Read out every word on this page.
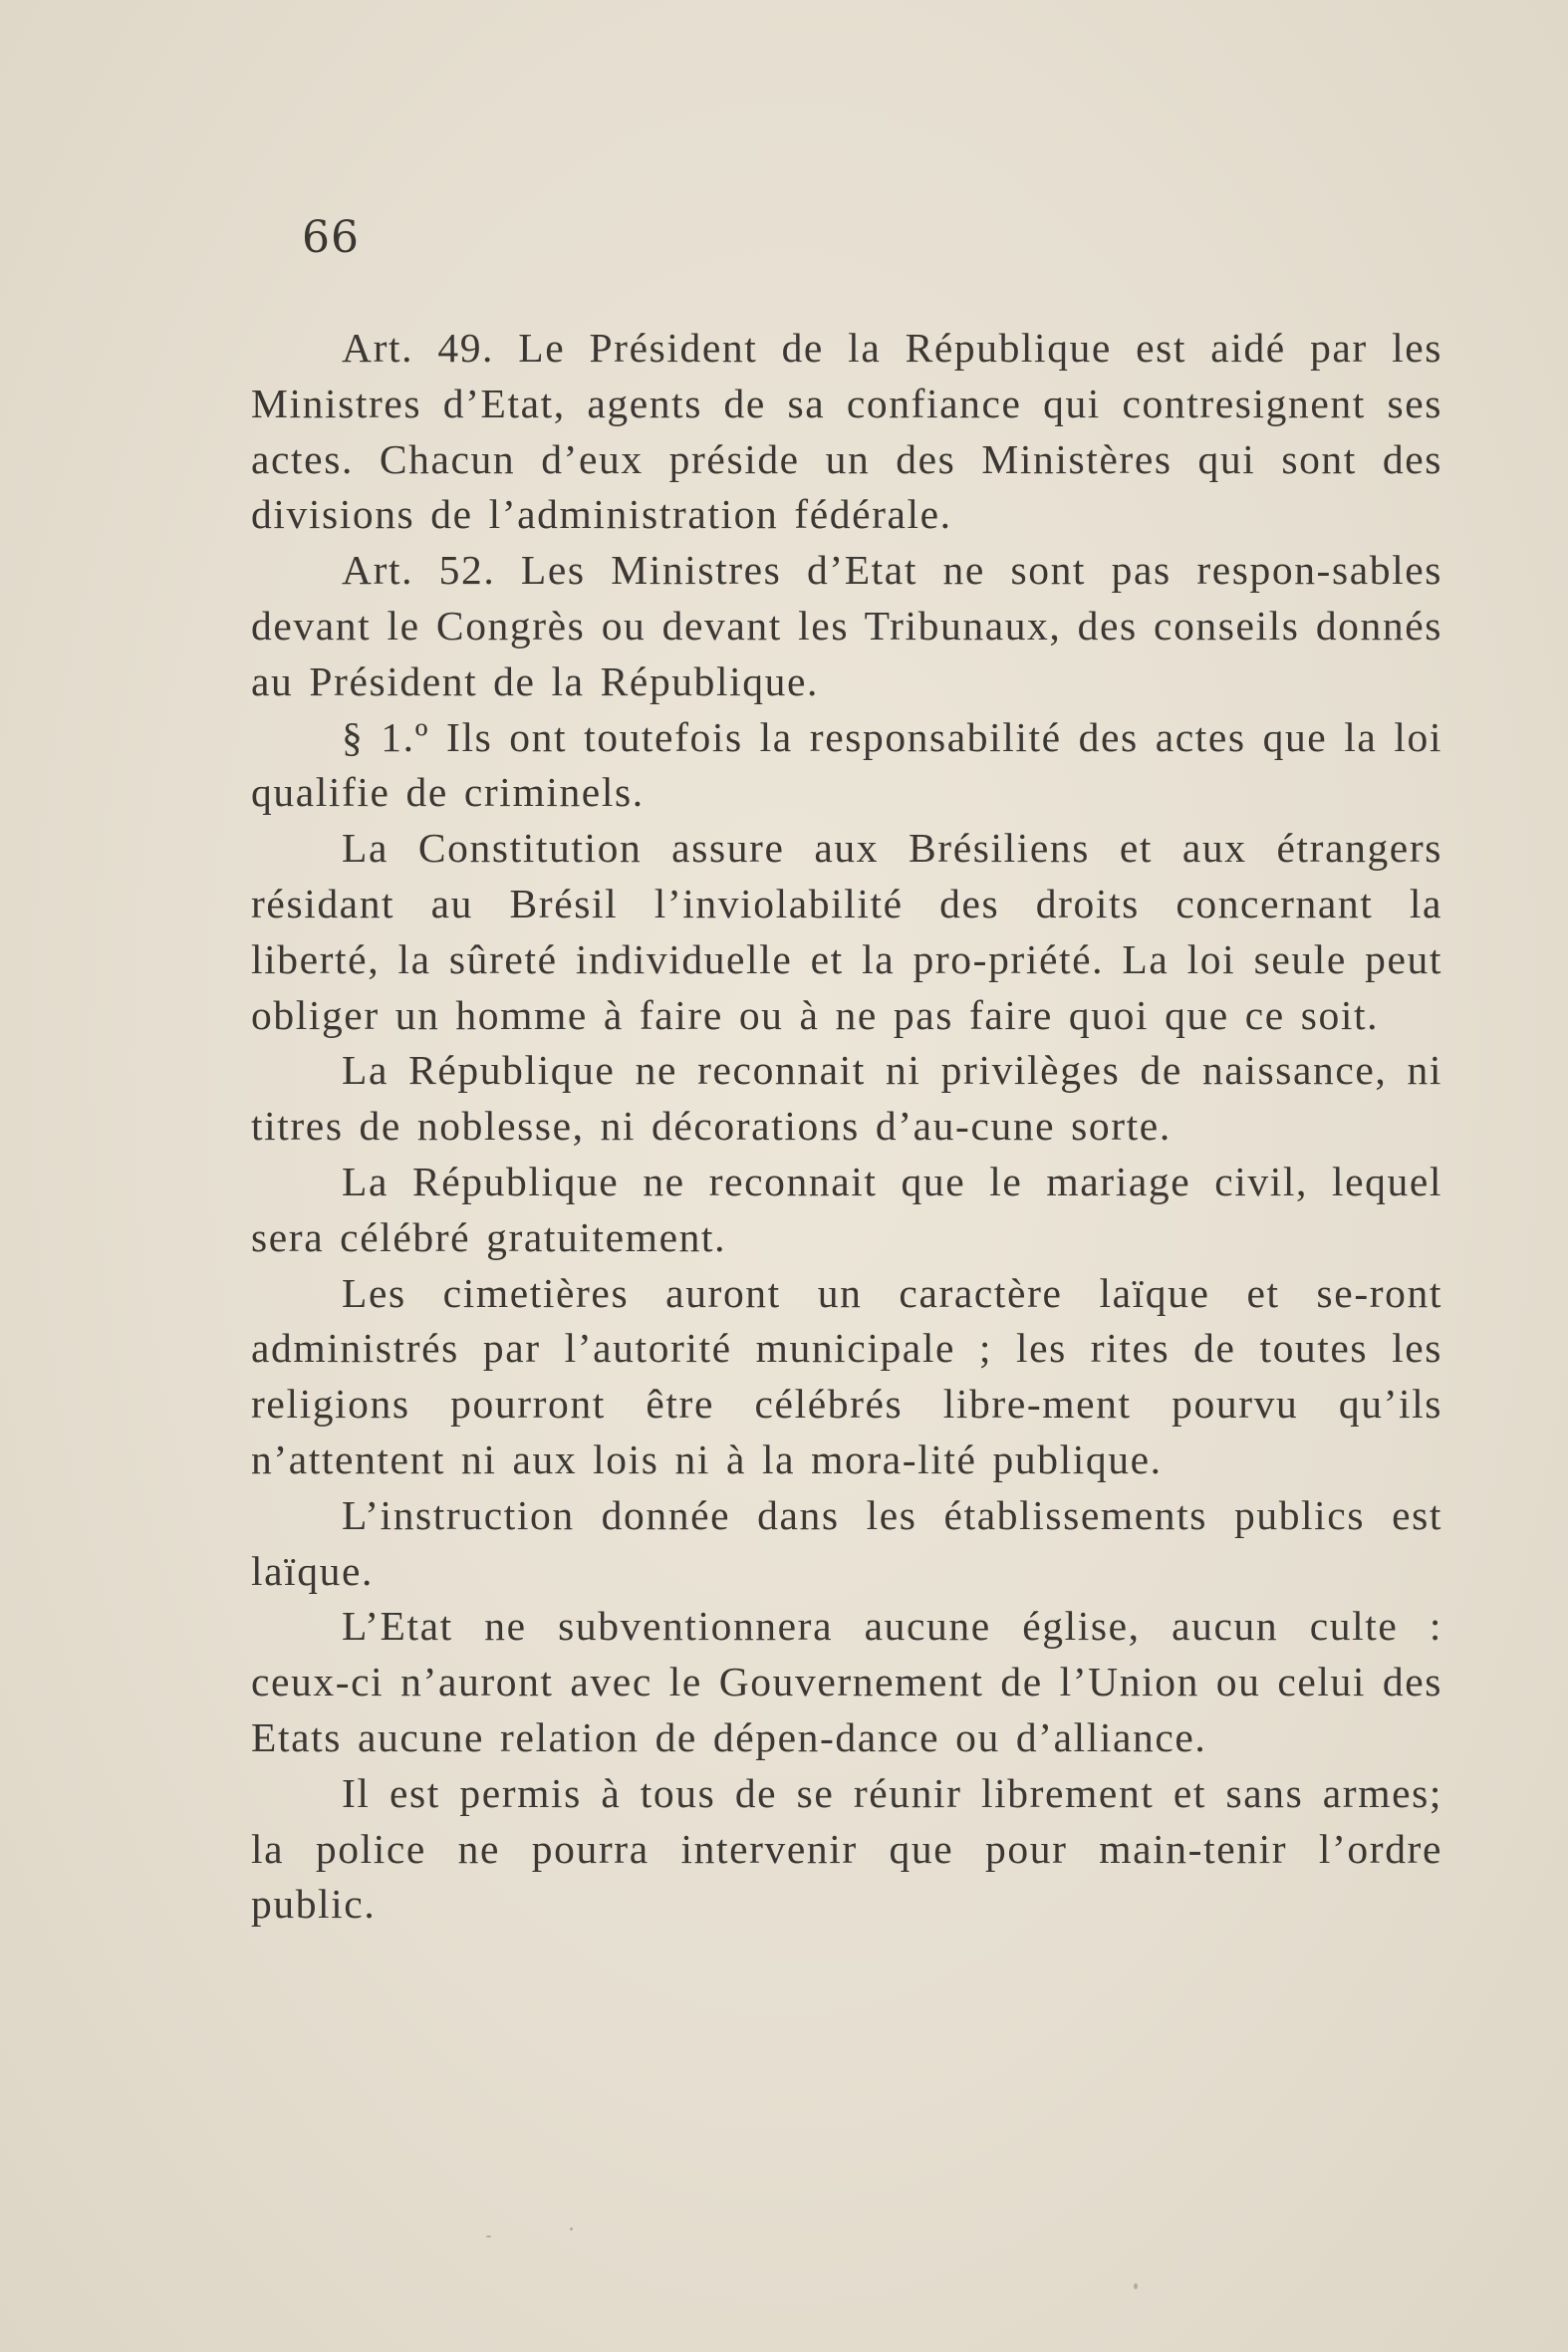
66

Art. 49. Le Président de la République est aidé par les Ministres d’Etat, agents de sa confiance qui contresignent ses actes. Chacun d’eux préside un des Ministères qui sont des divisions de l’administration fédérale.

Art. 52. Les Ministres d’Etat ne sont pas respon-sables devant le Congrès ou devant les Tribunaux, des conseils donnés au Président de la République.

§ 1.º Ils ont toutefois la responsabilité des actes que la loi qualifie de criminels.

La Constitution assure aux Brésiliens et aux étrangers résidant au Brésil l’inviolabilité des droits concernant la liberté, la sûreté individuelle et la pro-priété. La loi seule peut obliger un homme à faire ou à ne pas faire quoi que ce soit.

La République ne reconnait ni privilèges de naissance, ni titres de noblesse, ni décorations d’au-cune sorte.

La République ne reconnait que le mariage civil, lequel sera célébré gratuitement.

Les cimetières auront un caractère laïque et se-ront administrés par l’autorité municipale ; les rites de toutes les religions pourront être célébrés libre-ment pourvu qu’ils n’attentent ni aux lois ni à la mora-lité publique.

L’instruction donnée dans les établissements publics est laïque.

L’Etat ne subventionnera aucune église, aucun culte : ceux-ci n’auront avec le Gouvernement de l’Union ou celui des Etats aucune relation de dépen-dance ou d’alliance.

Il est permis à tous de se réunir librement et sans armes; la police ne pourra intervenir que pour main-tenir l’ordre public.
